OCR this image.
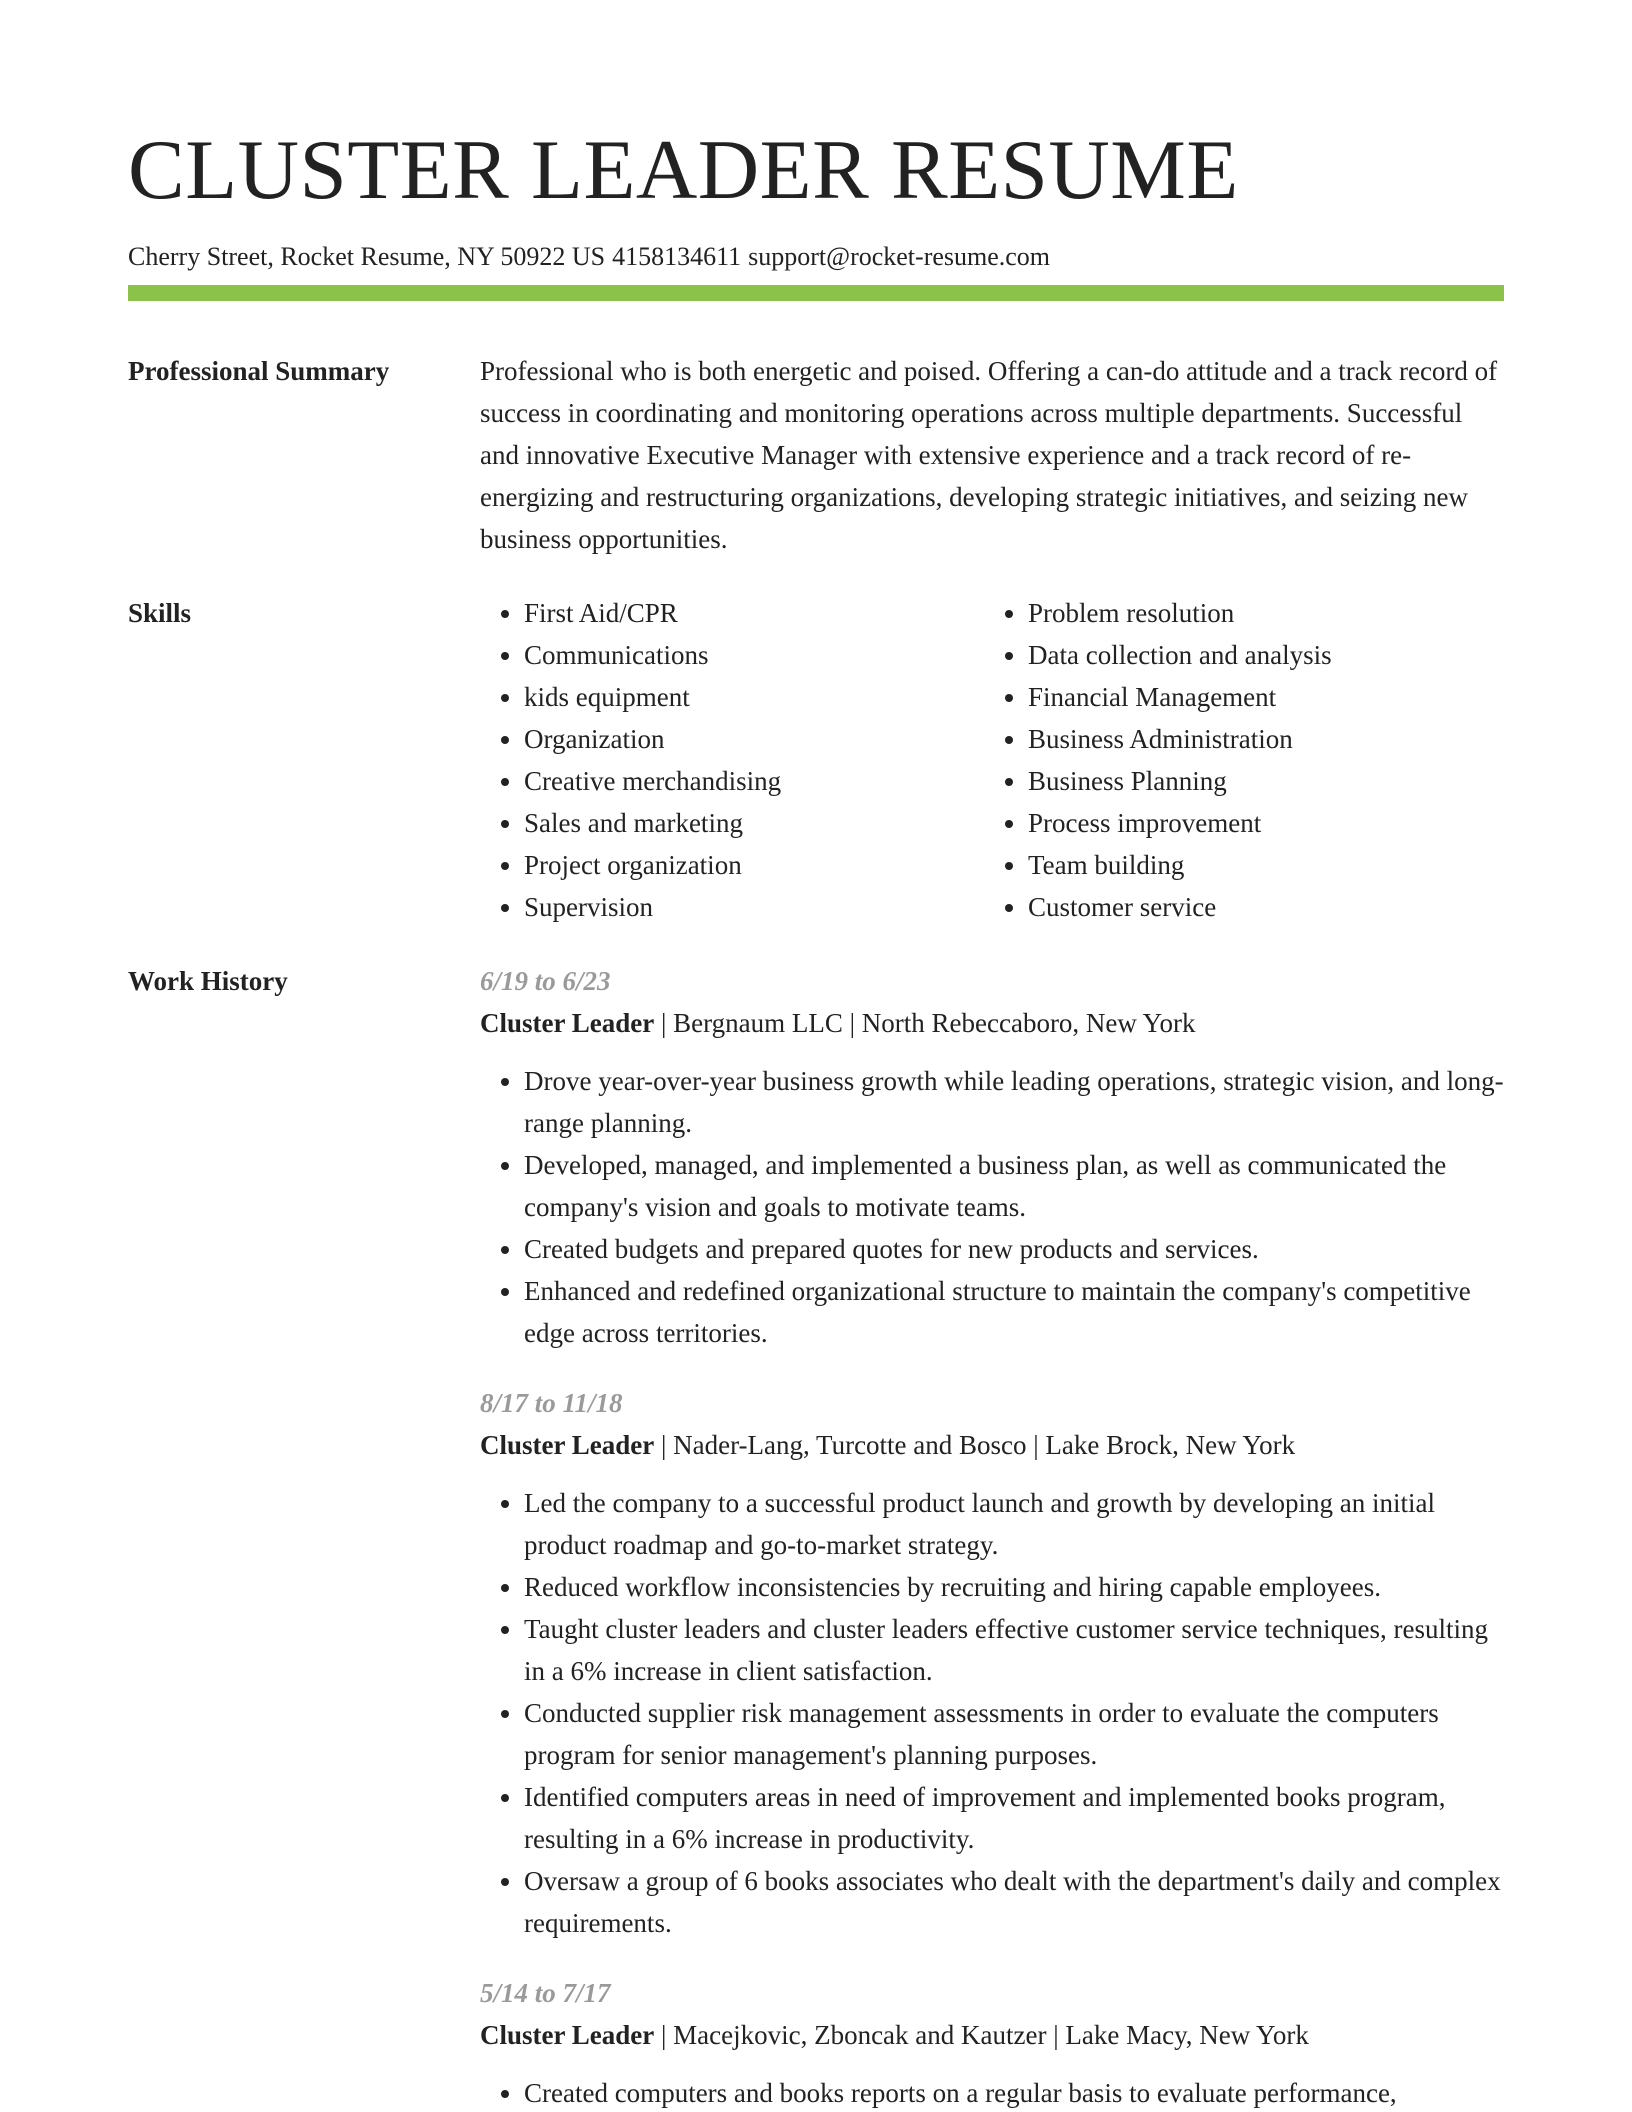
CLUSTER LEADER RESUME
Cherry Street, Rocket Resume, NY 50922 US 4158134611 support@rocket-resume.com
Professional Summary	Professional who is both energetic and poised. Offering a can-do attitude and a track record of success in coordinating and monitoring operations across multiple departments. Successful and innovative Executive Manager with extensive experience and a track record of re-energizing and restructuring organizations, developing strategic initiatives, and seizing new business opportunities.

Skills
•	First Aid/CPR
• Communications
• kids equipment
• Organization
• Creative merchandising
• Sales and marketing
• Project organization
• Supervision
• Problem resolution
• Data collection and analysis
• Financial Management
• Business Administration
• Business Planning
• Process improvement
• Team building
• Customer service
Work History	6/19 to 6/23
Cluster Leader | Bergnaum LLC | North Rebeccaboro, New York
• Drove year-over-year business growth while leading operations, strategic vision, and long-range planning.
• Developed, managed, and implemented a business plan, as well as communicated the company's vision and goals to motivate teams.
• Created budgets and prepared quotes for new products and services.
• Enhanced and redefined organizational structure to maintain the company's competitive edge across territories.
8/17 to 11/18
Cluster Leader | Nader-Lang, Turcotte and Bosco | Lake Brock, New York
• Led the company to a successful product launch and growth by developing an initial product roadmap and go-to-market strategy.
• Reduced workflow inconsistencies by recruiting and hiring capable employees.
• Taught cluster leaders and cluster leaders effective customer service techniques, resulting in a 6% increase in client satisfaction.
• Conducted supplier risk management assessments in order to evaluate the computers program for senior management's planning purposes.
• Identified computers areas in need of improvement and implemented books program, resulting in a 6% increase in productivity.
• Oversaw a group of 6 books associates who dealt with the department's daily and complex requirements.
5/14 to 7/17
Cluster Leader | Macejkovic, Zboncak and Kautzer | Lake Macy, New York
• Created computers and books reports on a regular basis to evaluate performance,
